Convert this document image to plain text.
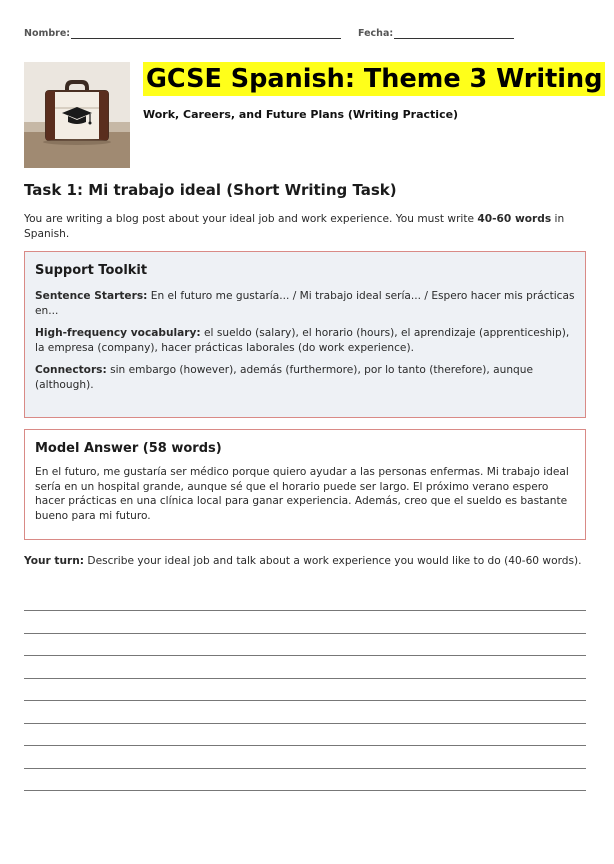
Nombre:	Fecha:
GCSE Spanish: Theme 3 Writing
Work, Careers, and Future Plans (Writing Practice)
Task 1: Mi trabajo ideal (Short Writing Task)
You are writing a blog post about your ideal job and work experience. You must write 40-60 words in Spanish.
Support Toolkit
Sentence Starters: En el futuro me gustaría... / Mi trabajo ideal sería... / Espero hacer mis prácticas en...
High-frequency vocabulary: el sueldo (salary), el horario (hours), el aprendizaje (apprenticeship), la empresa (company), hacer prácticas laborales (do work experience).
Connectors: sin embargo (however), además (furthermore), por lo tanto (therefore), aunque (although).
Model Answer (58 words)
En el futuro, me gustaría ser médico porque quiero ayudar a las personas enfermas. Mi trabajo ideal sería en un hospital grande, aunque sé que el horario puede ser largo. El próximo verano espero hacer prácticas en una clínica local para ganar experiencia. Además, creo que el sueldo es bastante bueno para mi futuro.
Your turn: Describe your ideal job and talk about a work experience you would like to do (40-60 words).
